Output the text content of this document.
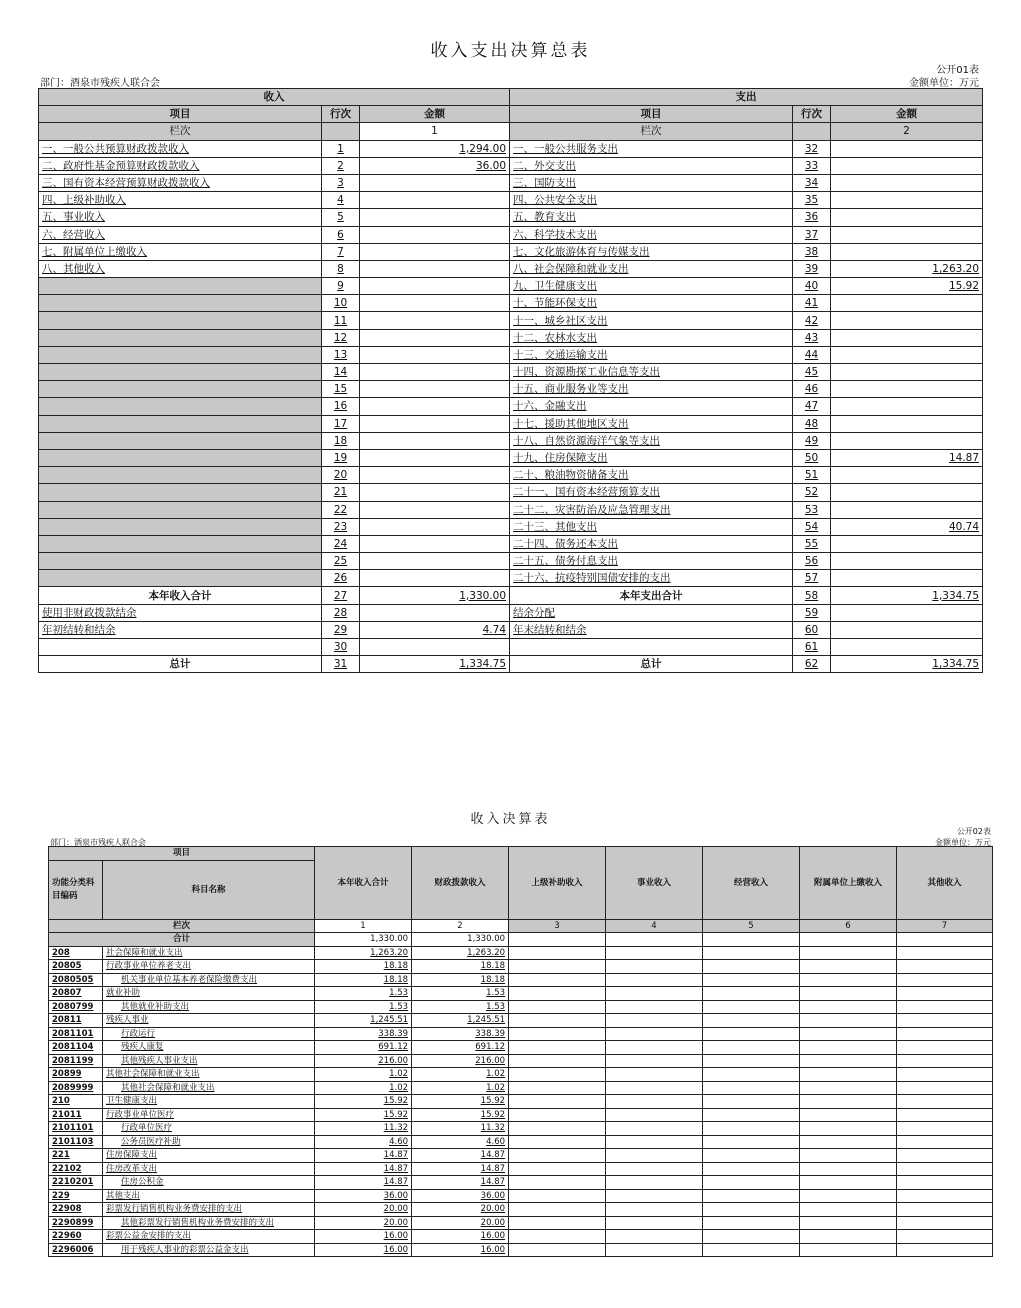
收入支出决算总表
公开01表
部门：酒泉市残疾人联合会	金额单位：万元
收入			支出		
项目	行次	金额	项目	行次	金额
栏次		1	栏次		2
一、一般公共预算财政拨款收入	1	1,294.00	一、一般公共服务支出	32	
二、政府性基金预算财政拨款收入	2	36.00	二、外交支出	33	
三、国有资本经营预算财政拨款收入	3		三、国防支出	34	
四、上级补助收入	4		四、公共安全支出	35	
五、事业收入	5		五、教育支出	36	
六、经营收入	6		六、科学技术支出	37	
七、附属单位上缴收入	7		七、文化旅游体育与传媒支出	38	
八、其他收入	8		八、社会保障和就业支出	39	1,263.20
	9		九、卫生健康支出	40	15.92
	10		十、节能环保支出	41	
	11		十一、城乡社区支出	42	
	12		十二、农林水支出	43	
	13		十三、交通运输支出	44	
	14		十四、资源勘探工业信息等支出	45	
	15		十五、商业服务业等支出	46	
	16		十六、金融支出	47	
	17		十七、援助其他地区支出	48	
	18		十八、自然资源海洋气象等支出	49	
	19		十九、住房保障支出	50	14.87
	20		二十、粮油物资储备支出	51	
	21		二十一、国有资本经营预算支出	52	
	22		二十二、灾害防治及应急管理支出	53	
	23		二十三、其他支出	54	40.74
	24		二十四、债务还本支出	55	
	25		二十五、债务付息支出	56	
	26		二十六、抗疫特别国债安排的支出	57	
本年收入合计	27	1,330.00	本年支出合计	58	1,334.75
使用非财政拨款结余	28		结余分配	59	
年初结转和结余	29	4.74	年末结转和结余	60	
	30			61	
总计	31	1,334.75	总计	62	1,334.75
收入决算表
公开02表
部门：酒泉市残疾人联合会	金额单位：万元
项目		本年收入合计	财政拨款收入	上级补助收入	事业收入	经营收入	附属单位上缴收入	其他收入
功能分类科目编码	科目名称							
栏次		1	2	3	4	5	6	7
合计		1,330.00	1,330.00					
208	社会保障和就业支出	1,263.20	1,263.20					
20805	行政事业单位养老支出	18.18	18.18					
2080505	机关事业单位基本养老保险缴费支出	18.18	18.18					
20807	就业补助	1.53	1.53					
2080799	其他就业补助支出	1.53	1.53					
20811	残疾人事业	1,245.51	1,245.51					
2081101	行政运行	338.39	338.39					
2081104	残疾人康复	691.12	691.12					
2081199	其他残疾人事业支出	216.00	216.00					
20899	其他社会保障和就业支出	1.02	1.02					
2089999	其他社会保障和就业支出	1.02	1.02					
210	卫生健康支出	15.92	15.92					
21011	行政事业单位医疗	15.92	15.92					
2101101	行政单位医疗	11.32	11.32					
2101103	公务员医疗补助	4.60	4.60					
221	住房保障支出	14.87	14.87					
22102	住房改革支出	14.87	14.87					
2210201	住房公积金	14.87	14.87					
229	其他支出	36.00	36.00					
22908	彩票发行销售机构业务费安排的支出	20.00	20.00					
2290899	其他彩票发行销售机构业务费安排的支出	20.00	20.00					
22960	彩票公益金安排的支出	16.00	16.00					
2296006	用于残疾人事业的彩票公益金支出	16.00	16.00					
